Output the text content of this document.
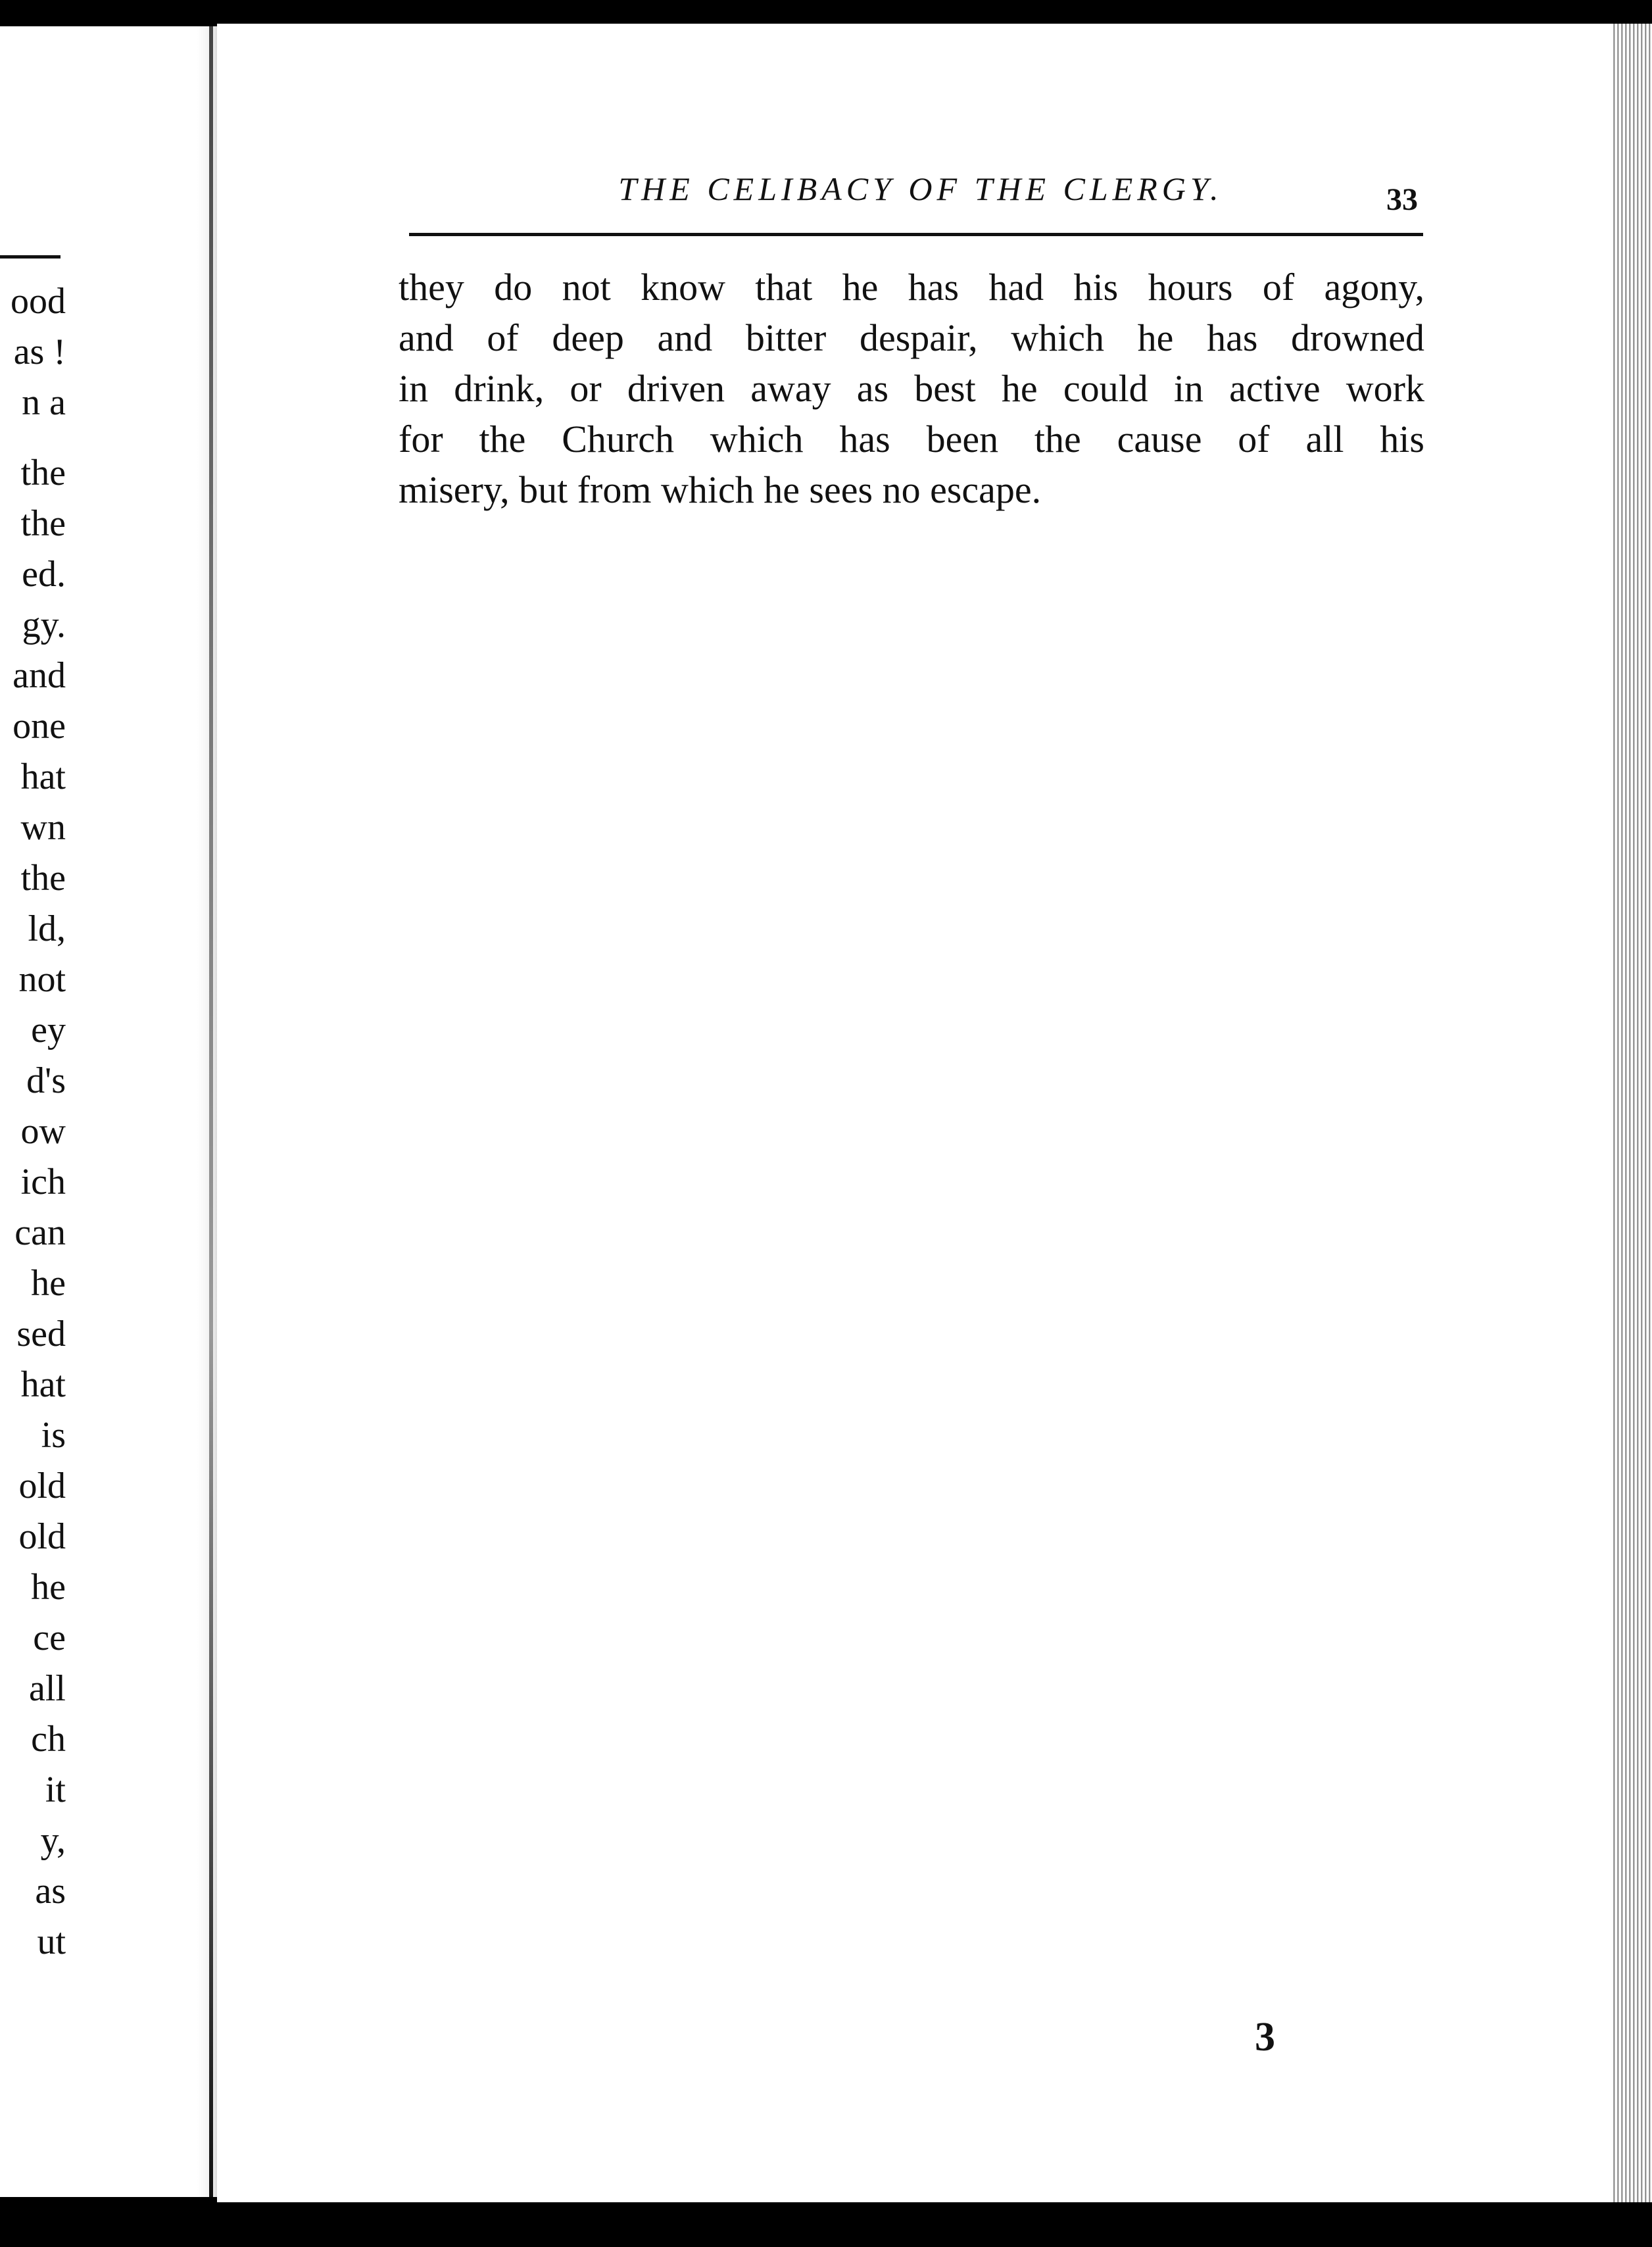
ood
as !
n a
the
the
ed.
gy.
and
one
hat
wn
the
ld,
not
ey
d's
ow
ich
can
he
sed
hat
is
old
old
he
ce
all
ch
it
y,
as
ut
THE CELIBACY OF THE CLERGY.	33
they do not know that he has had his hours of agony,
and of deep and bitter despair, which he has drowned
in drink, or driven away as best he could in active work
for the Church which has been the cause of all his
misery, but from which he sees no escape.
3
